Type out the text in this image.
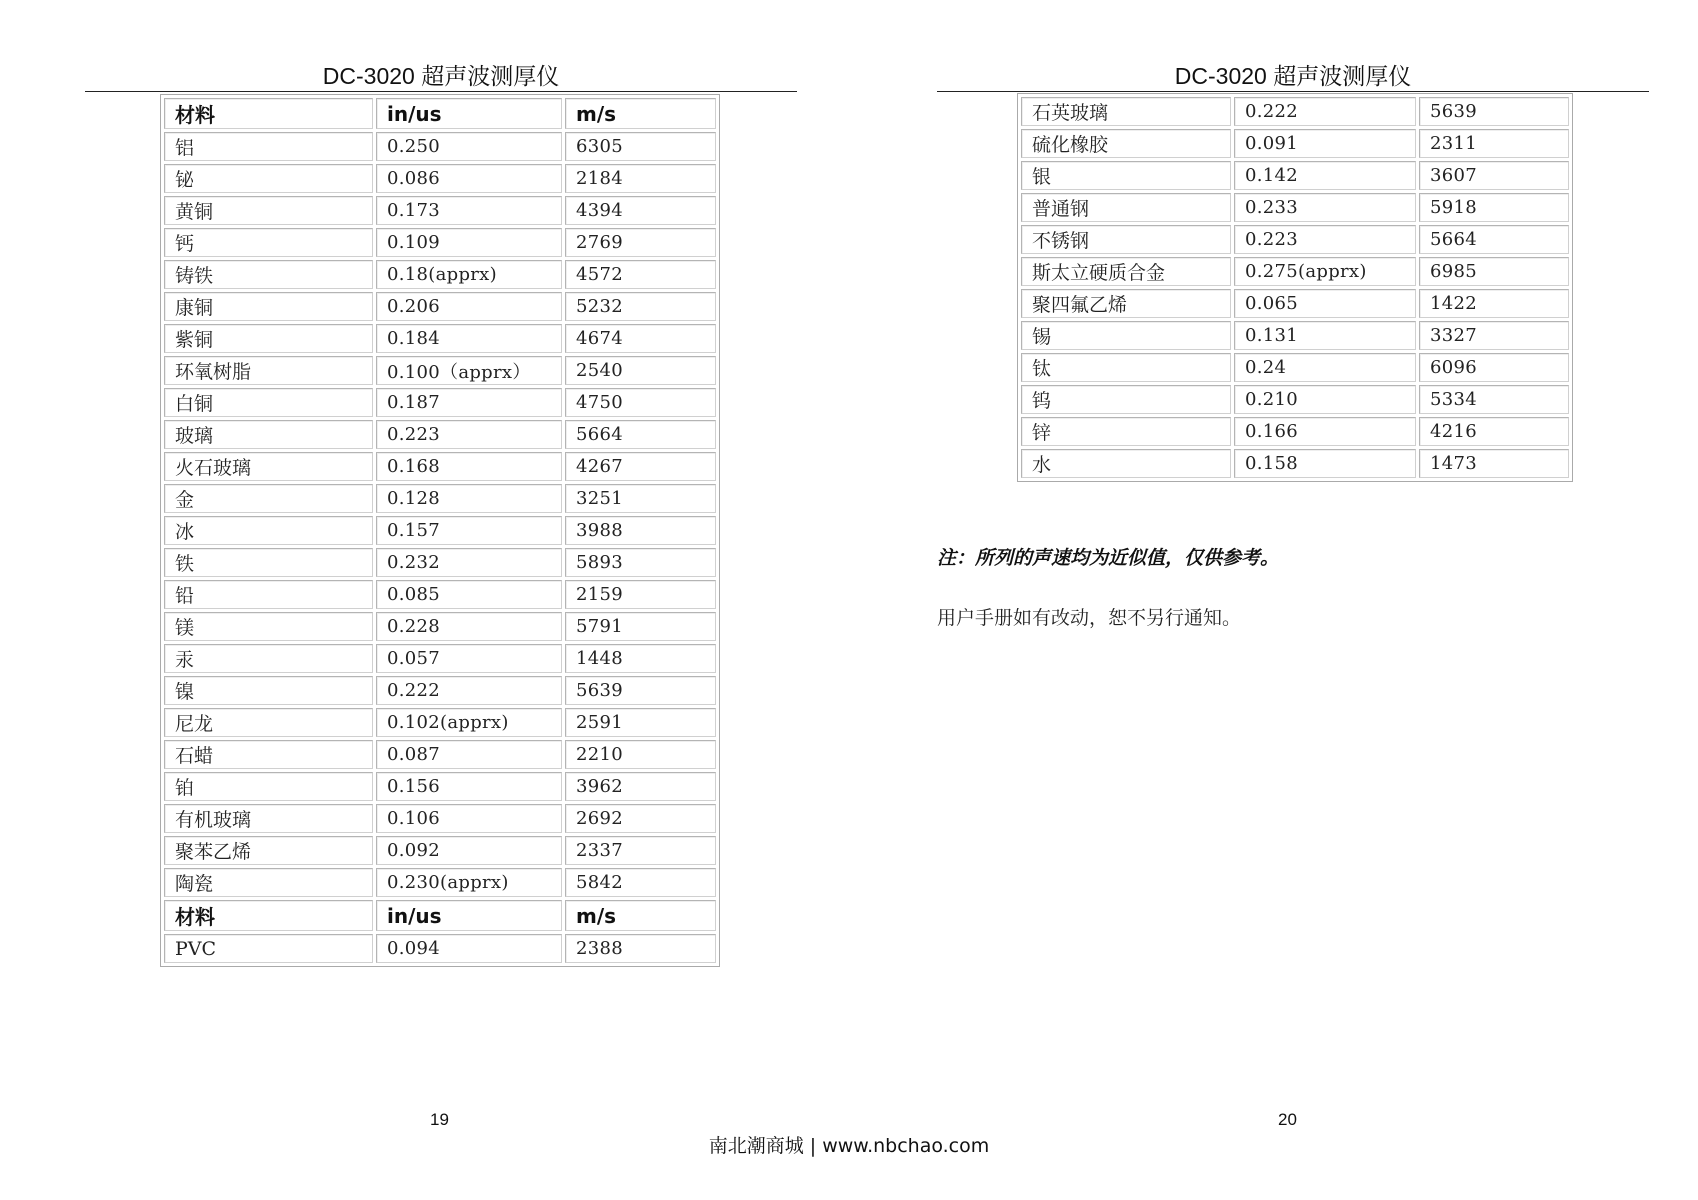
DC-3020 超声波测厚仪
材料	in/us	m/s
铝	0.250	6305
铋	0.086	2184
黄铜	0.173	4394
钙	0.109	2769
铸铁	0.18(apprx)	4572
康铜	0.206	5232
紫铜	0.184	4674
环氧树脂	0.100（apprx）	2540
白铜	0.187	4750
玻璃	0.223	5664
火石玻璃	0.168	4267
金	0.128	3251
冰	0.157	3988
铁	0.232	5893
铅	0.085	2159
镁	0.228	5791
汞	0.057	1448
镍	0.222	5639
尼龙	0.102(apprx)	2591
石蜡	0.087	2210
铂	0.156	3962
有机玻璃	0.106	2692
聚苯乙烯	0.092	2337
陶瓷	0.230(apprx)	5842
材料	in/us	m/s
PVC	0.094	2388
19
DC-3020 超声波测厚仪
石英玻璃	0.222	5639
硫化橡胶	0.091	2311
银	0.142	3607
普通钢	0.233	5918
不锈钢	0.223	5664
斯太立硬质合金	0.275(apprx)	6985
聚四氟乙烯	0.065	1422
锡	0.131	3327
钛	0.24	6096
钨	0.210	5334
锌	0.166	4216
水	0.158	1473
注：所列的声速均为近似值，仅供参考。
用户手册如有改动，恕不另行通知。
20
南北潮商城 | www.nbchao.com
